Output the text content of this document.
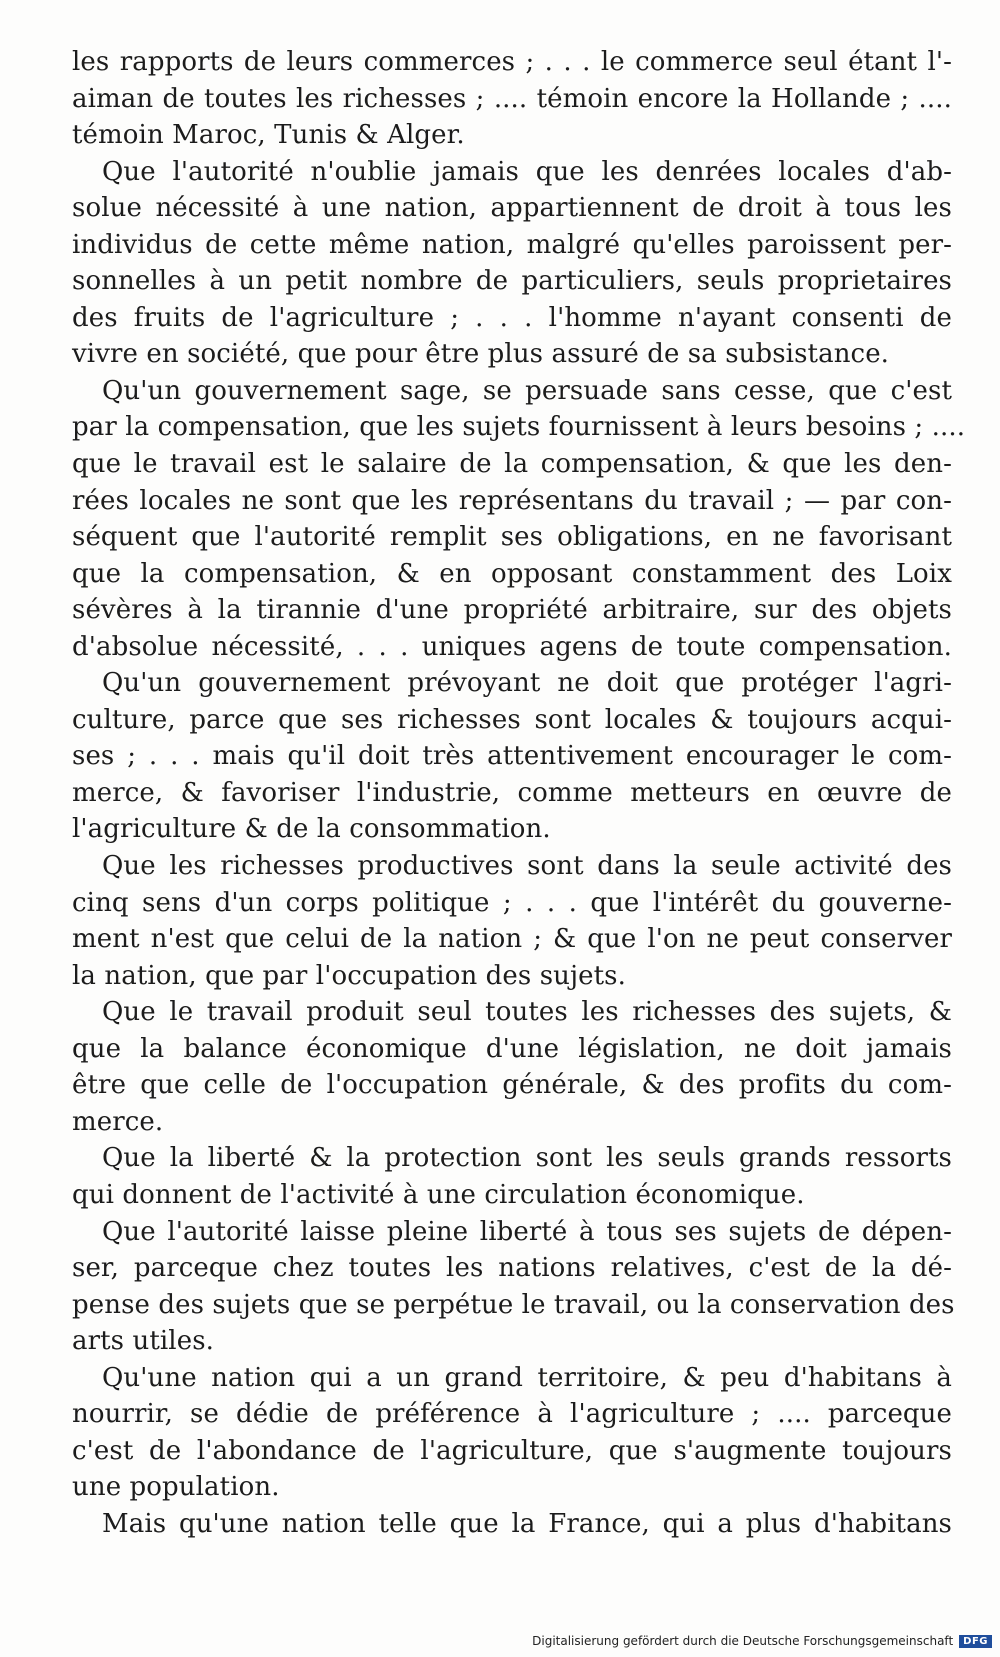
les rapports de leurs commerces ; . . . le commerce seul étant l'-
aiman de toutes les richesses ; .... témoin encore la Hollande ; ....
témoin Maroc, Tunis & Alger.
Que l'autorité n'oublie jamais que les denrées locales d'ab-
solue nécessité à une nation, appartiennent de droit à tous les
individus de cette même nation, malgré qu'elles paroissent per-
sonnelles à un petit nombre de particuliers, seuls proprietaires
des fruits de l'agriculture ; . . . l'homme n'ayant consenti de
vivre en société, que pour être plus assuré de sa subsistance.
Qu'un gouvernement sage, se persuade sans cesse, que c'est
par la compensation, que les sujets fournissent à leurs besoins ; ....
que le travail est le salaire de la compensation, & que les den-
rées locales ne sont que les représentans du travail ; — par con-
séquent que l'autorité remplit ses obligations, en ne favorisant
que la compensation, & en opposant constamment des Loix
sévères à la tirannie d'une propriété arbitraire, sur des objets
d'absolue nécessité, . . . uniques agens de toute compensation.
Qu'un gouvernement prévoyant ne doit que protéger l'agri-
culture, parce que ses richesses sont locales & toujours acqui-
ses ; . . . mais qu'il doit très attentivement encourager le com-
merce, & favoriser l'industrie, comme metteurs en œuvre de
l'agriculture & de la consommation.
Que les richesses productives sont dans la seule activité des
cinq sens d'un corps politique ; . . . que l'intérêt du gouverne-
ment n'est que celui de la nation ; & que l'on ne peut conserver
la nation, que par l'occupation des sujets.
Que le travail produit seul toutes les richesses des sujets, &
que la balance économique d'une législation, ne doit jamais
être que celle de l'occupation générale, & des profits du com-
merce.
Que la liberté & la protection sont les seuls grands ressorts
qui donnent de l'activité à une circulation économique.
Que l'autorité laisse pleine liberté à tous ses sujets de dépen-
ser, parceque chez toutes les nations relatives, c'est de la dé-
pense des sujets que se perpétue le travail, ou la conservation des
arts utiles.
Qu'une nation qui a un grand territoire, & peu d'habitans à
nourrir, se dédie de préférence à l'agriculture ; .... parceque
c'est de l'abondance de l'agriculture, que s'augmente toujours
une population.
Mais qu'une nation telle que la France, qui a plus d'habitans
Digitalisierung gefördert durch die Deutsche Forschungsgemeinschaft	DFG
